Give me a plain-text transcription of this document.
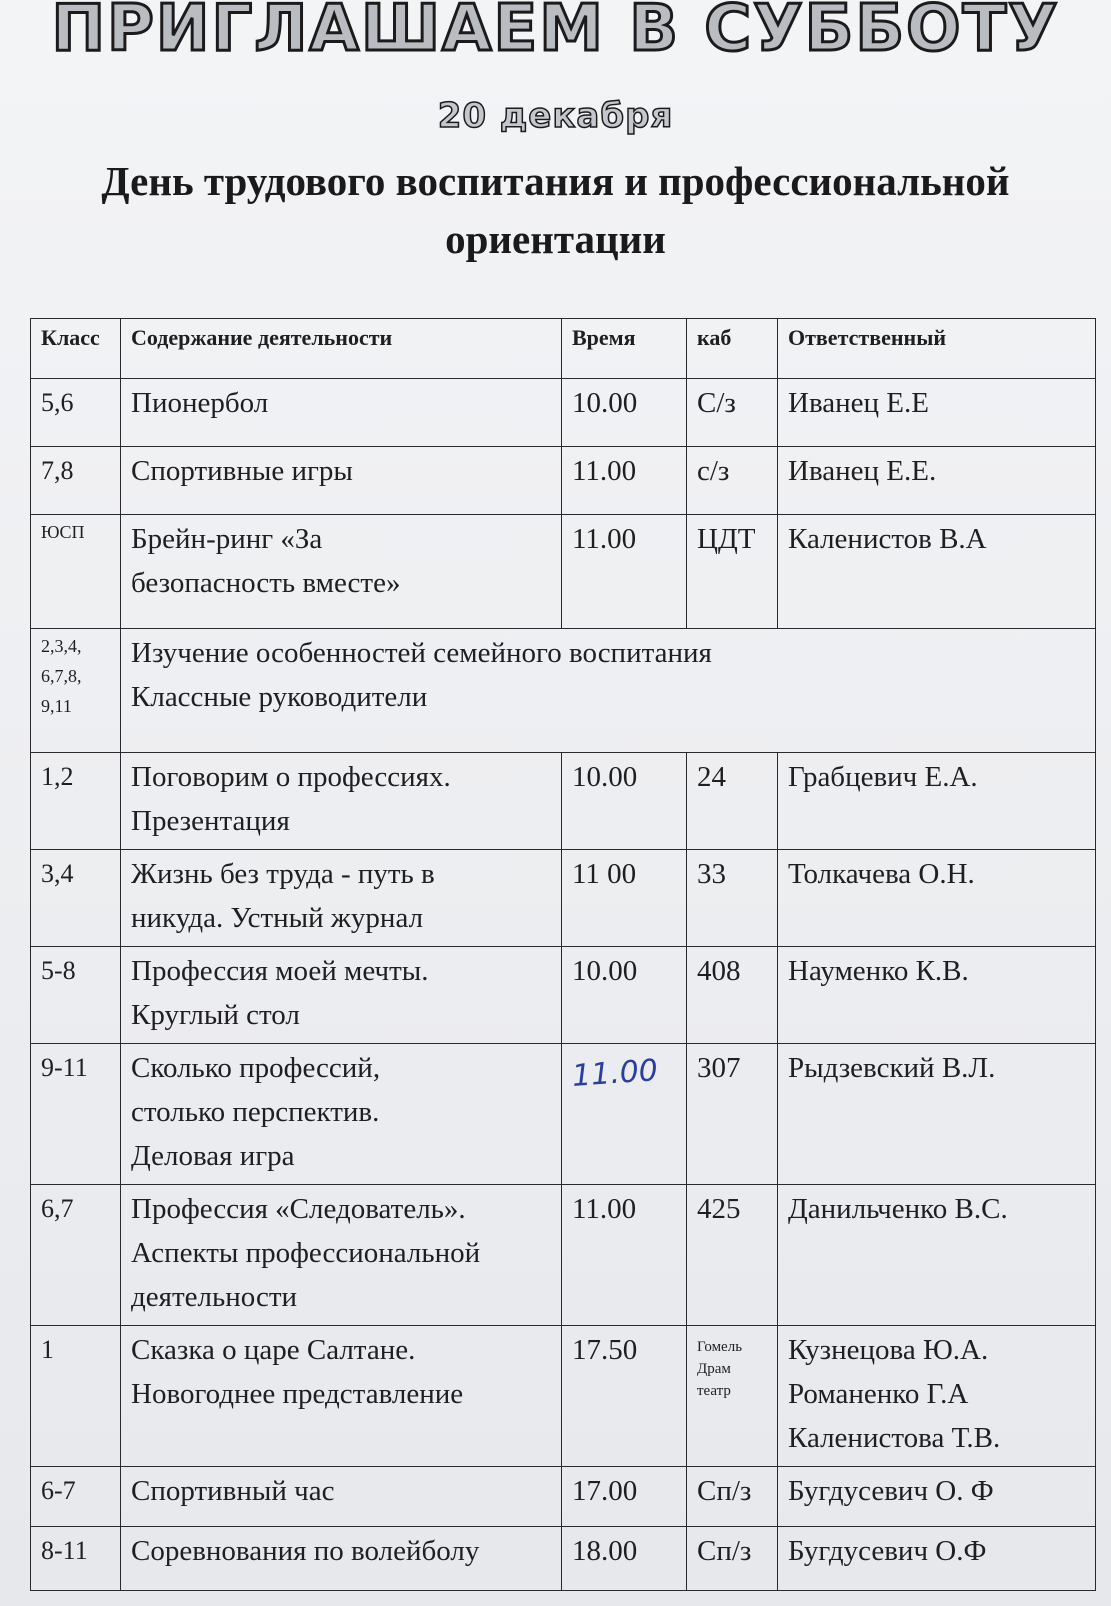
ПРИГЛАШАЕМ В СУББОТУ
20 декабря
День трудового воспитания и профессиональной
ориентации
Класс	Содержание деятельности	Время	каб	Ответственный

5,6	Пионербол	10.00	С/з	Иванец Е.Е

7,8	Спортивные игры	11.00	с/з	Иванец Е.Е.

ЮСП	Брейн-ринг «За
безопасность вместе»	11.00	ЦДТ	Каленистов В.А

2,3,4,
6,7,8,
9,11	Изучение особенностей семейного воспитания
Классные руководители			

1,2	Поговорим о профессиях.
Презентация	10.00	24	Грабцевич Е.А.

3,4	Жизнь без труда - путь в
никуда. Устный журнал	11 00	33	Толкачева О.Н.

5-8	Профессия моей мечты.
Круглый стол	10.00	408	Науменко К.В.

9-11	Сколько профессий,
столько перспектив.
Деловая игра	11.00	307	Рыдзевский В.Л.

6,7	Профессия «Следователь».
Аспекты профессиональной
деятельности	11.00	425	Данильченко В.С.

1	Сказка о царе Салтане.
Новогоднее представление	17.50	Гомель
Драм
театр	Кузнецова Ю.А.
Романенко Г.А
Каленистова Т.В.

6-7	Спортивный час	17.00	Сп/з	Бугдусевич О. Ф

8-11	Соревнования по волейболу	18.00	Сп/з	Бугдусевич О.Ф
